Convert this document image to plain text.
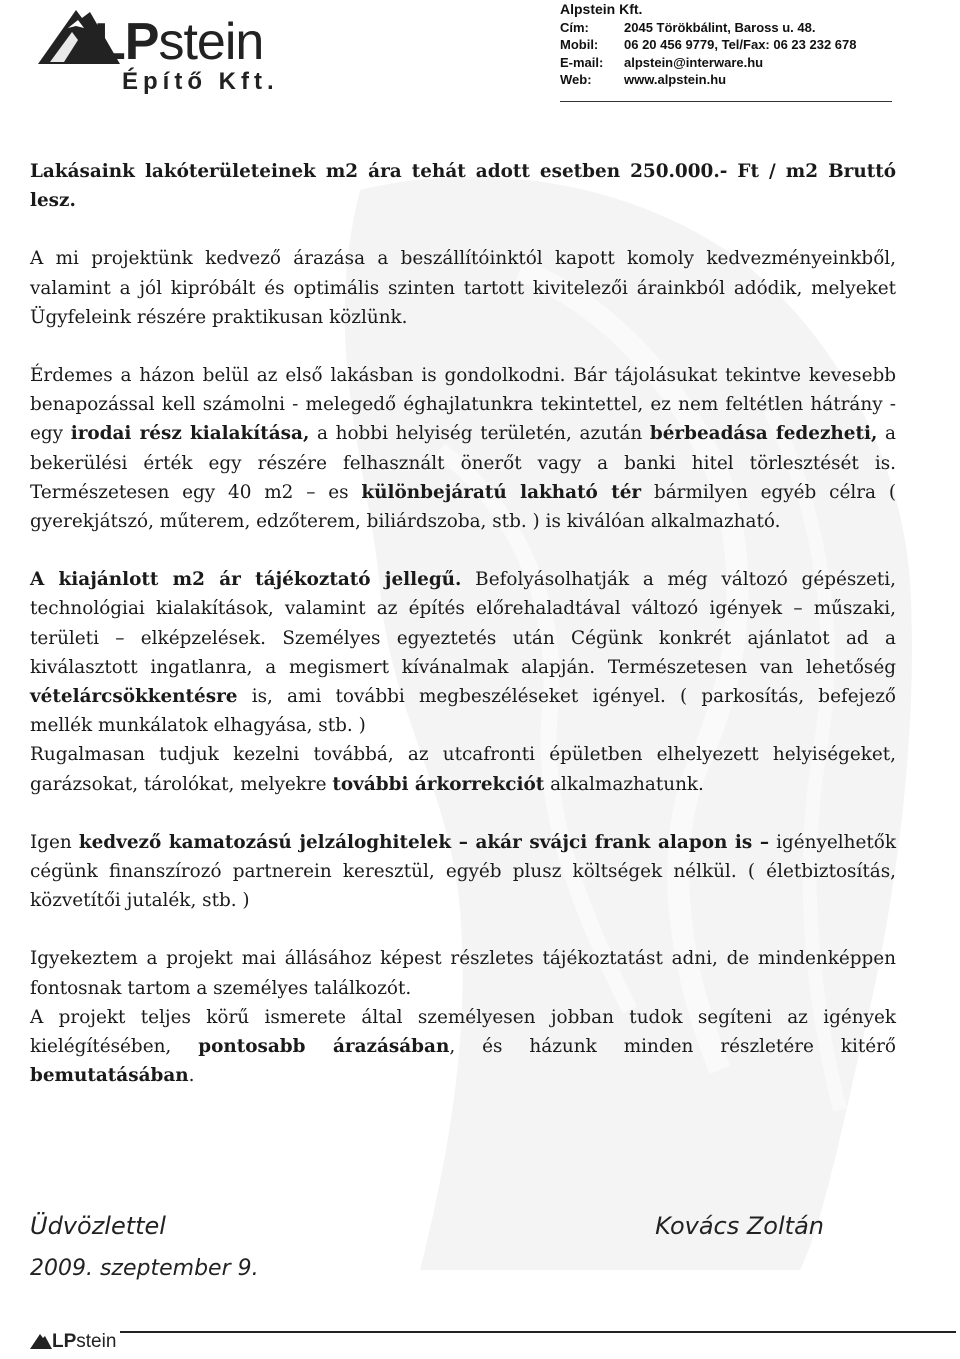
LPstein
Építő Kft.
Alpstein Kft.
Cím:	2045 Törökbálint, Baross u. 48.
Mobil:	06 20 456 9779, Tel/Fax: 06 23 232 678
E-mail:	alpstein@interware.hu
Web:	www.alpstein.hu

Lakásaink lakóterületeinek m2 ára tehát adott esetben 250.000.- Ft / m2 Bruttó lesz.

A mi projektünk kedvező árazása a beszállítóinktól kapott komoly kedvezményeinkből, valamint a jól kipróbált és optimális szinten tartott kivitelezői árainkból adódik, melyeket Ügyfeleink részére praktikusan közlünk.

Érdemes a házon belül az első lakásban is gondolkodni. Bár tájolásukat tekintve kevesebb benapozással kell számolni - melegedő éghajlatunkra tekintettel, ez nem feltétlen hátrány - egy irodai rész kialakítása, a hobbi helyiség területén, azután bérbeadása fedezheti, a bekerülési érték egy részére felhasznált önerőt vagy a banki hitel törlesztését is. Természetesen egy 40 m2 – es különbejáratú lakható tér bármilyen egyéb célra ( gyerekjátszó, műterem, edzőterem, biliárdszoba, stb. ) is kiválóan alkalmazható.

A kiajánlott m2 ár tájékoztató jellegű. Befolyásolhatják a még változó gépészeti, technológiai kialakítások, valamint az építés előrehaladtával változó igények – műszaki, területi – elképzelések. Személyes egyeztetés után Cégünk konkrét ajánlatot ad a kiválasztott ingatlanra, a megismert kívánalmak alapján. Természetesen van lehetőség vételárcsökkentésre is, ami további megbeszéléseket igényel. ( parkosítás, befejező mellék munkálatok elhagyása, stb. )

Rugalmasan tudjuk kezelni továbbá, az utcafronti épületben elhelyezett helyiségeket, garázsokat, tárolókat, melyekre további árkorrekciót alkalmazhatunk.

Igen kedvező kamatozású jelzáloghitelek – akár svájci frank alapon is – igényelhetők cégünk finanszírozó partnerein keresztül, egyéb plusz költségek nélkül. ( életbiztosítás, közvetítői jutalék, stb. )

Igyekeztem a projekt mai állásához képest részletes tájékoztatást adni, de mindenképpen fontosnak tartom a személyes találkozót.

A projekt teljes körű ismerete által személyesen jobban tudok segíteni az igények kielégítésében, pontosabb árazásában, és házunk minden részletére kitérő bemutatásában.

Üdvözlettel	Kovács Zoltán
2009. szeptember 9.
LPstein
